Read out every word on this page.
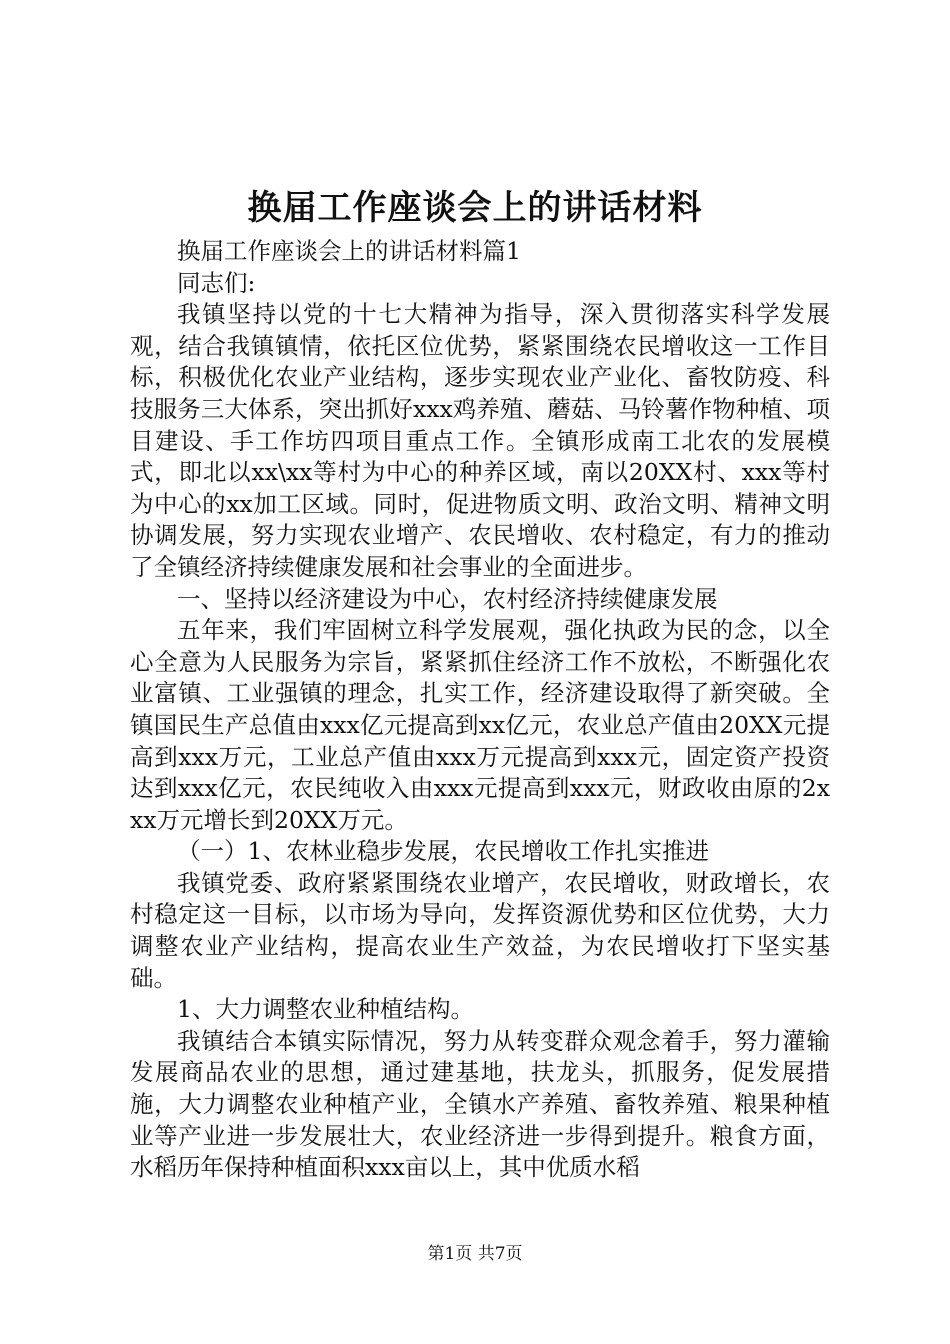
换届工作座谈会上的讲话材料

换届工作座谈会上的讲话材料篇1

同志们:

我镇坚持以党的十七大精神为指导，深入贯彻落实科学发展观，结合我镇镇情，依托区位优势，紧紧围绕农民增收这一工作目标，积极优化农业产业结构，逐步实现农业产业化、畜牧防疫、科技服务三大体系，突出抓好xxx鸡养殖、蘑菇、马铃薯作物种植、项目建设、手工作坊四项目重点工作。全镇形成南工北农的发展模式，即北以xx\xx等村为中心的种养区域，南以20XX村、xxx等村为中心的xx加工区域。同时，促进物质文明、政治文明、精神文明协调发展，努力实现农业增产、农民增收、农村稳定，有力的推动了全镇经济持续健康发展和社会事业的全面进步。

一、坚持以经济建设为中心，农村经济持续健康发展

五年来，我们牢固树立科学发展观，强化执政为民的念，以全心全意为人民服务为宗旨，紧紧抓住经济工作不放松，不断强化农业富镇、工业强镇的理念，扎实工作，经济建设取得了新突破。全镇国民生产总值由xxx亿元提高到xx亿元，农业总产值由20XX元提高到xxx万元，工业总产值由xxx万元提高到xxx元，固定资产投资达到xxx亿元，农民纯收入由xxx元提高到xxx元，财政收由原的2xxx万元增长到20XX万元。

（一）1、农林业稳步发展，农民增收工作扎实推进

我镇党委、政府紧紧围绕农业增产，农民增收，财政增长，农村稳定这一目标，以市场为导向，发挥资源优势和区位优势，大力调整农业产业结构，提高农业生产效益，为农民增收打下坚实基础。

1、大力调整农业种植结构。

我镇结合本镇实际情况，努力从转变群众观念着手，努力灌输发展商品农业的思想，通过建基地，扶龙头，抓服务，促发展措施，大力调整农业种植产业，全镇水产养殖、畜牧养殖、粮果种植业等产业进一步发展壮大，农业经济进一步得到提升。粮食方面，水稻历年保持种植面积xxx亩以上，其中优质水稻

第1页 共7页
